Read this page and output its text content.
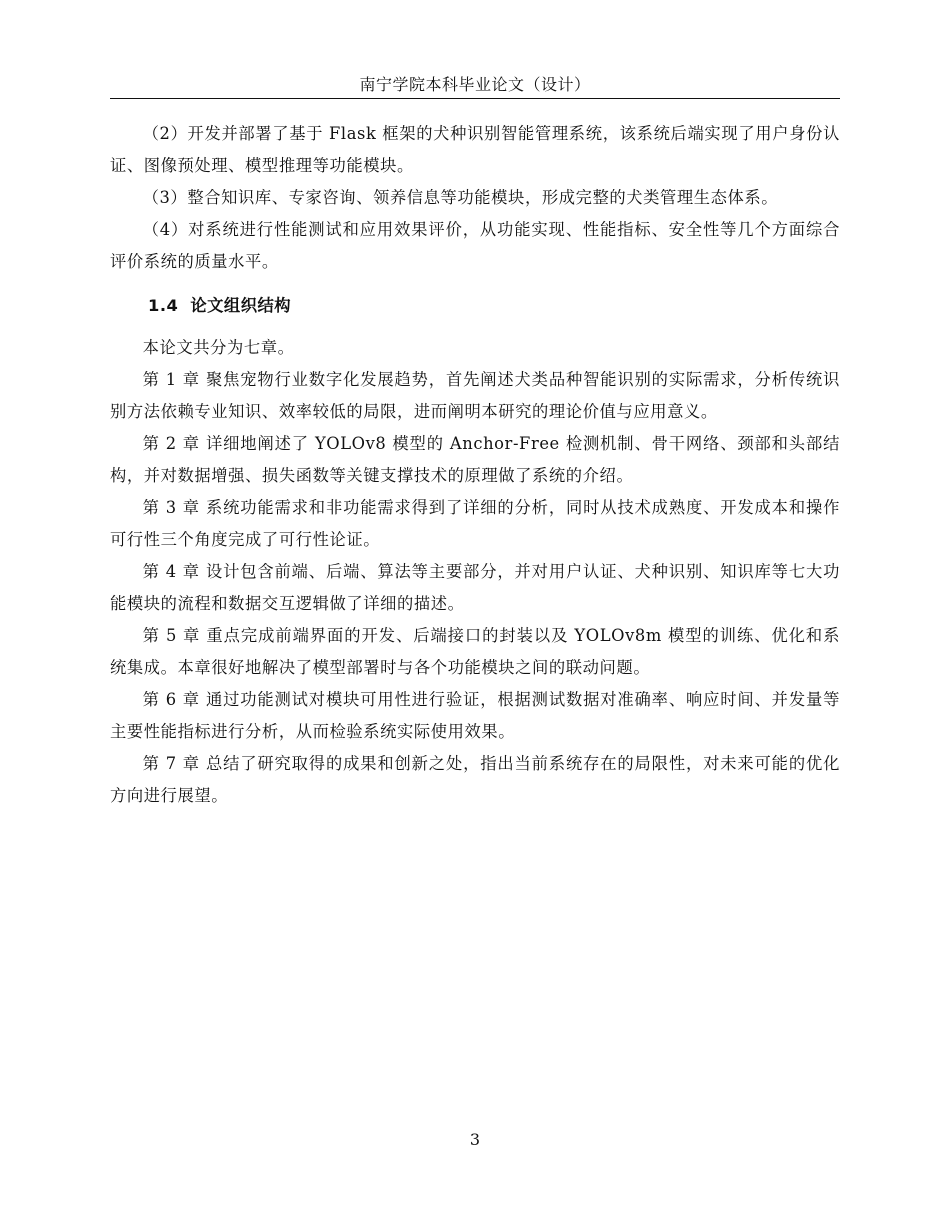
南宁学院本科毕业论文（设计）

（2）开发并部署了基于 Flask 框架的犬种识别智能管理系统，该系统后端实现了用户身份认证、图像预处理、模型推理等功能模块。

（3）整合知识库、专家咨询、领养信息等功能模块，形成完整的犬类管理生态体系。

（4）对系统进行性能测试和应用效果评价，从功能实现、性能指标、安全性等几个方面综合评价系统的质量水平。

1.4 论文组织结构

本论文共分为七章。

第 1 章 聚焦宠物行业数字化发展趋势，首先阐述犬类品种智能识别的实际需求，分析传统识别方法依赖专业知识、效率较低的局限，进而阐明本研究的理论价值与应用意义。

第 2 章 详细地阐述了 YOLOv8 模型的 Anchor-Free 检测机制、骨干网络、颈部和头部结构，并对数据增强、损失函数等关键支撑技术的原理做了系统的介绍。

第 3 章 系统功能需求和非功能需求得到了详细的分析，同时从技术成熟度、开发成本和操作可行性三个角度完成了可行性论证。

第 4 章 设计包含前端、后端、算法等主要部分，并对用户认证、犬种识别、知识库等七大功能模块的流程和数据交互逻辑做了详细的描述。

第 5 章 重点完成前端界面的开发、后端接口的封装以及 YOLOv8m 模型的训练、优化和系统集成。本章很好地解决了模型部署时与各个功能模块之间的联动问题。

第 6 章 通过功能测试对模块可用性进行验证，根据测试数据对准确率、响应时间、并发量等主要性能指标进行分析，从而检验系统实际使用效果。

第 7 章 总结了研究取得的成果和创新之处，指出当前系统存在的局限性，对未来可能的优化方向进行展望。

3
